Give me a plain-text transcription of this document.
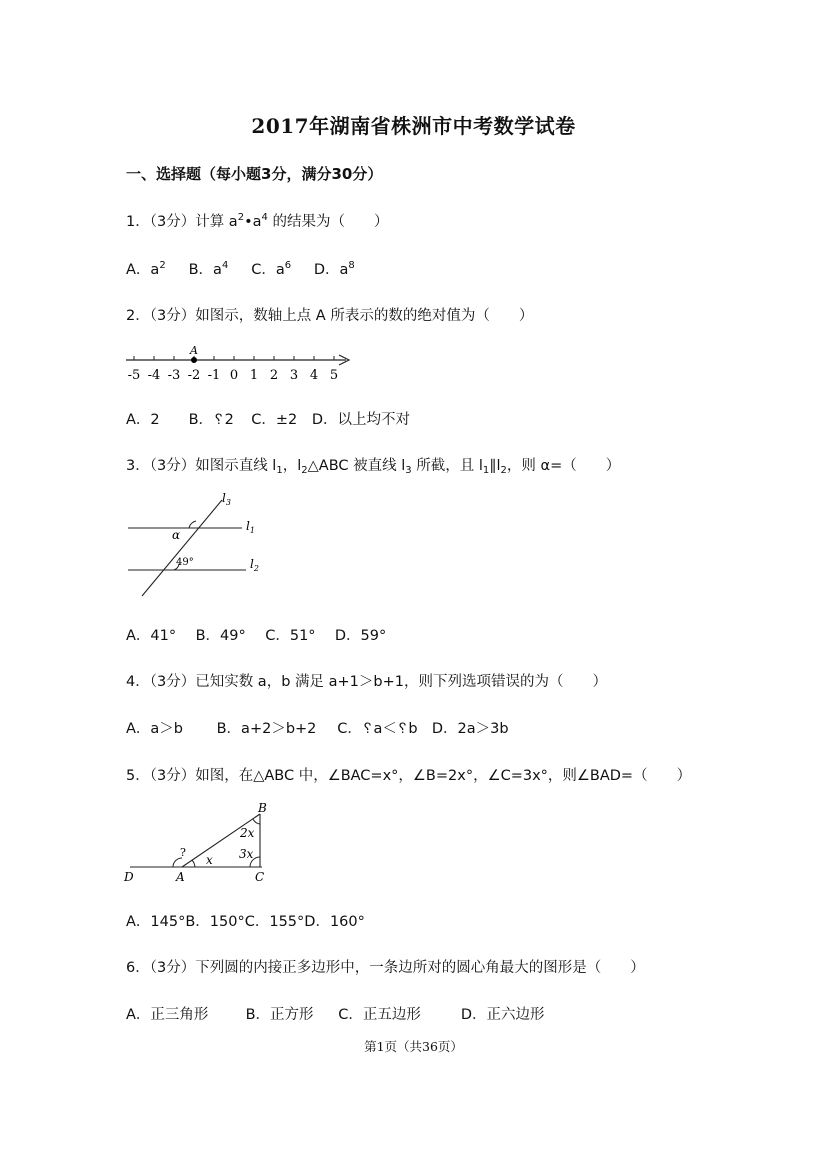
2017年湖南省株洲市中考数学试卷
一、选择题（每小题3分，满分30分）
1．（3分）计算 $a^2•a^4$ 的结果为（　　）
A．$a^2$ B．$a^4$ C．$a^6$ D．$a^8$
2．（3分）如图示，数轴上点 A 所表示的数的绝对值为（　　）
-5 -4 -3 -2 -1 0 1 2 3 4 5
A
A．2 B．␦2 C．±2 D．以上均不对
3．（3分）如图示直线 $l_1$，$l_2\triangle ABC$ 被直线 $l_3$ 所截，且 $l_1\parallel l_2$，则 α=（　　）
$l_3$
$l_1$
$l_2$
α
49°
A．41° B．49° C．51° D．59°
4．（3分）已知实数 a，b 满足 a+1＞b+1，则下列选项错误的为（　　）
A．a＞b B．a+2＞b+2 C．␦a＜␦b D．2a＞3b
5．（3分）如图，在△ABC 中，∠BAC=x°，∠B=2x°，∠C=3x°，则∠BAD=（　　）
B
A	C
D
2x
3x
x
?
A．145°B．150°C．155°D．160°
6．（3分）下列圆的内接正多边形中，一条边所对的圆心角最大的图形是（　　）
A．正三角形	B．正方形 C．正五边形	D．正六边形
第1页（共36页）
